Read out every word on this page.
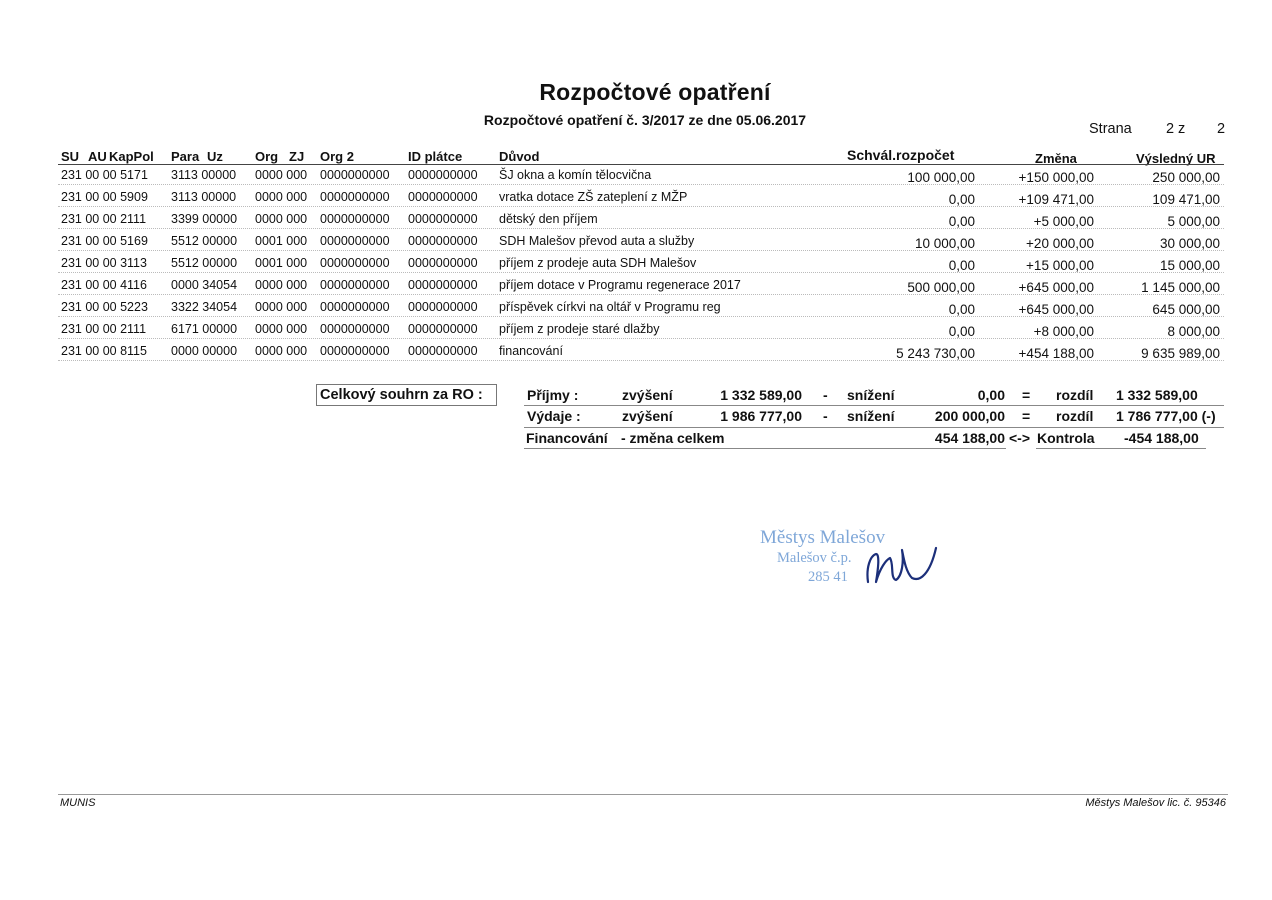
Rozpočtové opatření
Rozpočtové opatření č. 3/2017 ze dne 05.06.2017
Strana 2 z 2
SU AU KapPol Para Uz Org ZJ Org 2	ID plátce	Důvod	Schvál.rozpočet	Změna	Výsledný UR
231 00 00 5171 3113 00000 0000 000 0000000000 0000000000 ŠJ okna a komín tělocvična	100 000,00	+150 000,00	250 000,00
231 00 00 5909 3113 00000 0000 000 0000000000 0000000000 vratka dotace ZŠ zateplení z MŽP	0,00	+109 471,00	109 471,00
231 00 00 2111 3399 00000 0000 000 0000000000 0000000000 dětský den příjem	0,00	+5 000,00	5 000,00
231 00 00 5169 5512 00000 0001 000 0000000000 0000000000 SDH Malešov převod auta a služby	10 000,00	+20 000,00	30 000,00
231 00 00 3113 5512 00000 0001 000 0000000000 0000000000 příjem z prodeje auta SDH Malešov	0,00	+15 000,00	15 000,00
231 00 00 4116 0000 34054 0000 000 0000000000 0000000000 příjem dotace v Programu regenerace 2017	500 000,00	+645 000,00	1 145 000,00
231 00 00 5223 3322 34054 0000 000 0000000000 0000000000 příspěvek církvi na oltář v Programu reg	0,00	+645 000,00	645 000,00
231 00 00 2111 6171 00000 0000 000 0000000000 0000000000 příjem z prodeje staré dlažby	0,00	+8 000,00	8 000,00
231 00 00 8115 0000 00000 0000 000 0000000000 0000000000 financování	5 243 730,00	+454 188,00	9 635 989,00
Celkový souhrn za RO :	Příjmy :	zvýšení	1 332 589,00 - snížení	0,00 = rozdíl 1 332 589,00
Výdaje :	zvýšení	1 986 777,00 - snížení	200 000,00 = rozdíl 1 786 777,00 (-)
Financování - změna celkem	454 188,00 <-> Kontrola -454 188,00
Městys Malešov
Malešov č.p.
285 41
MUNIS	Městys Malešov lic. č. 95346
